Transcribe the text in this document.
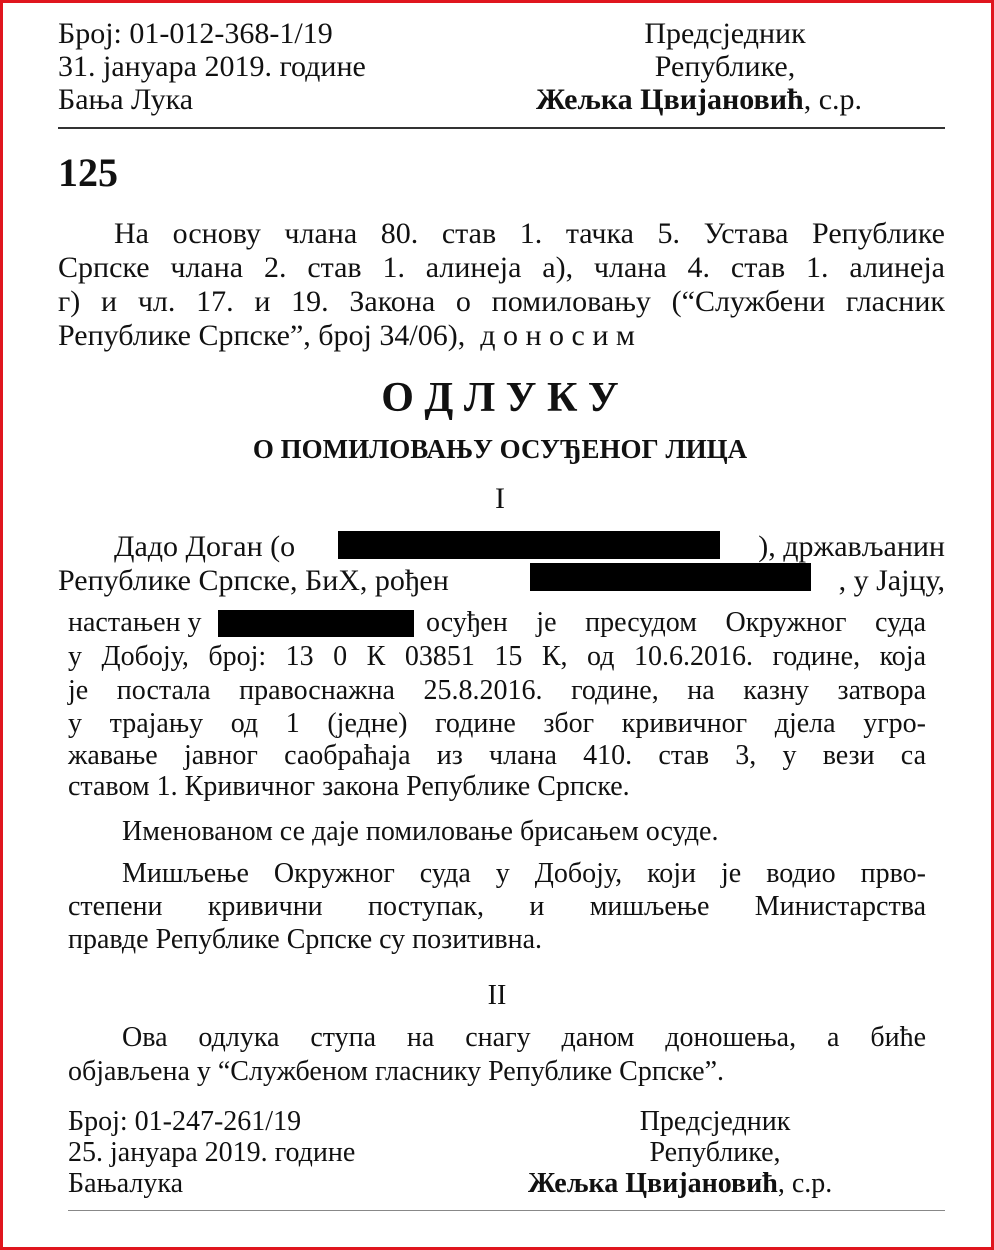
Број: 01-012-368-1/19
31. јануара 2019. године
Бања Лука
Предсједник
Републике,
Жељка Цвијановић, с.р.
125
На основу члана 80. став 1. тачка 5. Устава Републике
Српске члана 2. став 1. алинеја а), члана 4. став 1. алинеја
г) и чл. 17. и 19. Закона о помиловању (“Службени гласник
Републике Српске”, број 34/06), д о н о с и м
О Д Л У К У
О ПОМИЛОВАЊУ ОСУЂЕНОГ ЛИЦА
I
Дадо Доган (о	), држављанин
Републике Српске, БиХ, рођен	, у Јајцу,
настањен у	осуђен је пресудом Окружног суда
у Добоју, број: 13 0 К 03851 15 К, од 10.6.2016. године, која
је постала правоснажна 25.8.2016. године, на казну затвора
у трајању од 1 (једне) године због кривичног дјела угро-
жавање јавног саобраћаја из члана 410. став 3, у вези са
ставом 1. Кривичног закона Републике Српске.
Именованом се даје помиловање брисањем осуде.
Мишљење Окружног суда у Добоју, који је водио прво-
степени кривични поступак, и мишљење Министарства
правде Републике Српске су позитивна.
II
Ова одлука ступа на снагу даном доношења, а биће
објављена у “Службеном гласнику Републике Српске”.
Број: 01-247-261/19
25. јануара 2019. године
Бањалука
Предсједник
Републике,
Жељка Цвијановић, с.р.
